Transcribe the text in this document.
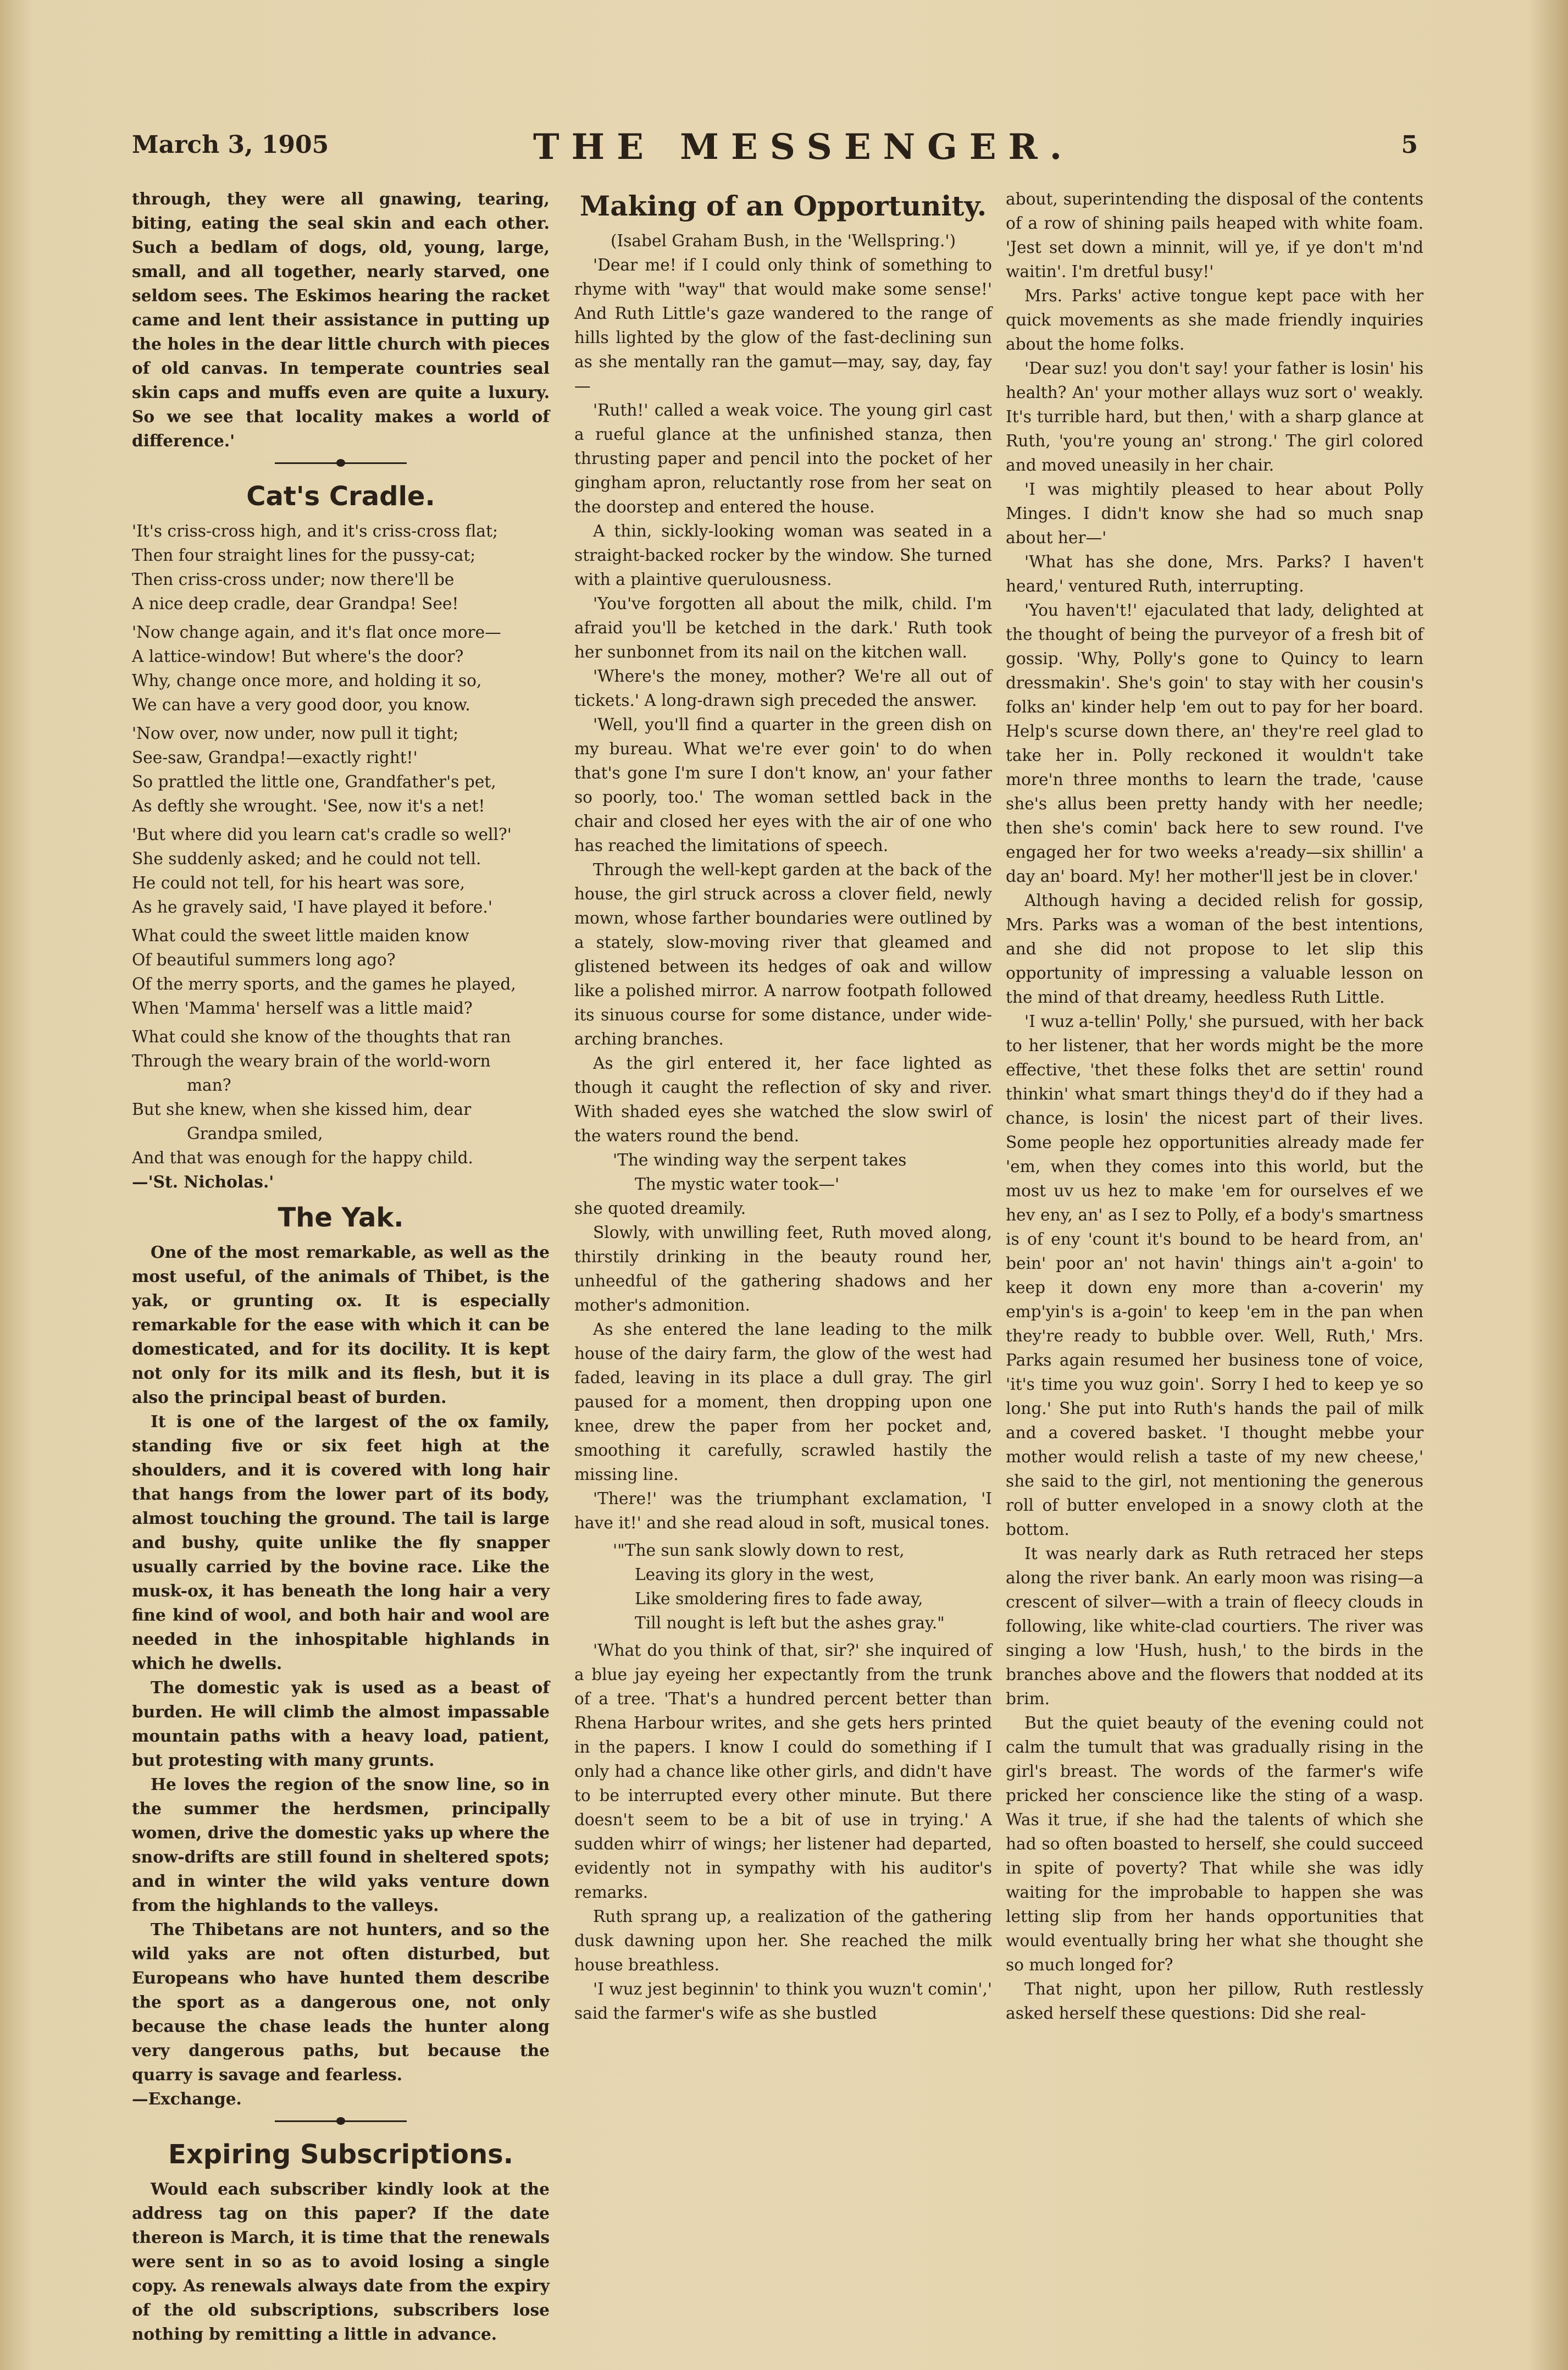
March 3, 1905	THE MESSENGER.	5

through, they were all gnawing, tearing, biting, eating the seal skin and each other. Such a bedlam of dogs, old, young, large, small, and all together, nearly starved, one seldom sees. The Eskimos hearing the racket came and lent their assistance in putting up the holes in the dear little church with pieces of old canvas. In temperate countries seal skin caps and muffs even are quite a luxury. So we see that locality makes a world of difference.'

Cat's Cradle.
'It's criss-cross high, and it's criss-cross flat;
Then four straight lines for the pussy-cat;
Then criss-cross under; now there'll be
A nice deep cradle, dear Grandpa! See!
'Now change again, and it's flat once more—
A lattice-window! But where's the door?
Why, change once more, and holding it so,
We can have a very good door, you know.
'Now over, now under, now pull it tight;
See-saw, Grandpa!—exactly right!'
So prattled the little one, Grandfather's pet,
As deftly she wrought. 'See, now it's a net!
'But where did you learn cat's cradle so well?'
She suddenly asked; and he could not tell.
He could not tell, for his heart was sore,
As he gravely said, 'I have played it before.'
What could the sweet little maiden know
Of beautiful summers long ago?
Of the merry sports, and the games he played,
When 'Mamma' herself was a little maid?
What could she know of the thoughts that ran
Through the weary brain of the world-worn
man?
But she knew, when she kissed him, dear
Grandpa smiled,
And that was enough for the happy child.
—'St. Nicholas.'
The Yak.

One of the most remarkable, as well as the most useful, of the animals of Thibet, is the yak, or grunting ox. It is especially remarkable for the ease with which it can be domesticated, and for its docility. It is kept not only for its milk and its flesh, but it is also the principal beast of burden.

It is one of the largest of the ox family, standing five or six feet high at the shoulders, and it is covered with long hair that hangs from the lower part of its body, almost touching the ground. The tail is large and bushy, quite unlike the fly snapper usually carried by the bovine race. Like the musk-ox, it has beneath the long hair a very fine kind of wool, and both hair and wool are needed in the inhospitable highlands in which he dwells.

The domestic yak is used as a beast of burden. He will climb the almost impassable mountain paths with a heavy load, patient, but protesting with many grunts.

He loves the region of the snow line, so in the summer the herdsmen, principally women, drive the domestic yaks up where the snow-drifts are still found in sheltered spots; and in winter the wild yaks venture down from the highlands to the valleys.

The Thibetans are not hunters, and so the wild yaks are not often disturbed, but Europeans who have hunted them describe the sport as a dangerous one, not only because the chase leads the hunter along very dangerous paths, but because the quarry is savage and fearless.

—Exchange.

Expiring Subscriptions.

Would each subscriber kindly look at the address tag on this paper? If the date thereon is March, it is time that the renewals were sent in so as to avoid losing a single copy. As renewals always date from the expiry of the old subscriptions, subscribers lose nothing by remitting a little in advance.

Making of an Opportunity.

(Isabel Graham Bush, in the 'Wellspring.')

'Dear me! if I could only think of something to rhyme with "way" that would make some sense!' And Ruth Little's gaze wandered to the range of hills lighted by the glow of the fast-declining sun as she mentally ran the gamut—may, say, day, fay—

'Ruth!' called a weak voice. The young girl cast a rueful glance at the unfinished stanza, then thrusting paper and pencil into the pocket of her gingham apron, reluctantly rose from her seat on the doorstep and entered the house.

A thin, sickly-looking woman was seated in a straight-backed rocker by the window. She turned with a plaintive querulousness.

'You've forgotten all about the milk, child. I'm afraid you'll be ketched in the dark.' Ruth took her sunbonnet from its nail on the kitchen wall.

'Where's the money, mother? We're all out of tickets.' A long-drawn sigh preceded the answer.

'Well, you'll find a quarter in the green dish on my bureau. What we're ever goin' to do when that's gone I'm sure I don't know, an' your father so poorly, too.' The woman settled back in the chair and closed her eyes with the air of one who has reached the limitations of speech.

Through the well-kept garden at the back of the house, the girl struck across a clover field, newly mown, whose farther boundaries were outlined by a stately, slow-moving river that gleamed and glistened between its hedges of oak and willow like a polished mirror. A narrow footpath followed its sinuous course for some distance, under wide-arching branches.

As the girl entered it, her face lighted as though it caught the reflection of sky and river. With shaded eyes she watched the slow swirl of the waters round the bend.

'The winding way the serpent takes
The mystic water took—'

she quoted dreamily.

Slowly, with unwilling feet, Ruth moved along, thirstily drinking in the beauty round her, unheedful of the gathering shadows and her mother's admonition.

As she entered the lane leading to the milk house of the dairy farm, the glow of the west had faded, leaving in its place a dull gray. The girl paused for a moment, then dropping upon one knee, drew the paper from her pocket and, smoothing it carefully, scrawled hastily the missing line.

'There!' was the triumphant exclamation, 'I have it!' and she read aloud in soft, musical tones.

'"The sun sank slowly down to rest,
Leaving its glory in the west,
Like smoldering fires to fade away,
Till nought is left but the ashes gray."

'What do you think of that, sir?' she inquired of a blue jay eyeing her expectantly from the trunk of a tree. 'That's a hundred percent better than Rhena Harbour writes, and she gets hers printed in the papers. I know I could do something if I only had a chance like other girls, and didn't have to be interrupted every other minute. But there doesn't seem to be a bit of use in trying.' A sudden whirr of wings; her listener had departed, evidently not in sympathy with his auditor's remarks.

Ruth sprang up, a realization of the gathering dusk dawning upon her. She reached the milk house breathless.

'I wuz jest beginnin' to think you wuzn't comin',' said the farmer's wife as she bustled

about, superintending the disposal of the contents of a row of shining pails heaped with white foam. 'Jest set down a minnit, will ye, if ye don't m'nd waitin'. I'm dretful busy!'

Mrs. Parks' active tongue kept pace with her quick movements as she made friendly inquiries about the home folks.

'Dear suz! you don't say! your father is losin' his health? An' your mother allays wuz sort o' weakly. It's turrible hard, but then,' with a sharp glance at Ruth, 'you're young an' strong.' The girl colored and moved uneasily in her chair.

'I was mightily pleased to hear about Polly Minges. I didn't know she had so much snap about her—'

'What has she done, Mrs. Parks? I haven't heard,' ventured Ruth, interrupting.

'You haven't!' ejaculated that lady, delighted at the thought of being the purveyor of a fresh bit of gossip. 'Why, Polly's gone to Quincy to learn dressmakin'. She's goin' to stay with her cousin's folks an' kinder help 'em out to pay for her board. Help's scurse down there, an' they're reel glad to take her in. Polly reckoned it wouldn't take more'n three months to learn the trade, 'cause she's allus been pretty handy with her needle; then she's comin' back here to sew round. I've engaged her for two weeks a'ready—six shillin' a day an' board. My! her mother'll jest be in clover.'

Although having a decided relish for gossip, Mrs. Parks was a woman of the best intentions, and she did not propose to let slip this opportunity of impressing a valuable lesson on the mind of that dreamy, heedless Ruth Little.

'I wuz a-tellin' Polly,' she pursued, with her back to her listener, that her words might be the more effective, 'thet these folks thet are settin' round thinkin' what smart things they'd do if they had a chance, is losin' the nicest part of their lives. Some people hez opportunities already made fer 'em, when they comes into this world, but the most uv us hez to make 'em for ourselves ef we hev eny, an' as I sez to Polly, ef a body's smartness is of eny 'count it's bound to be heard from, an' bein' poor an' not havin' things ain't a-goin' to keep it down eny more than a-coverin' my emp'yin's is a-goin' to keep 'em in the pan when they're ready to bubble over. Well, Ruth,' Mrs. Parks again resumed her business tone of voice, 'it's time you wuz goin'. Sorry I hed to keep ye so long.' She put into Ruth's hands the pail of milk and a covered basket. 'I thought mebbe your mother would relish a taste of my new cheese,' she said to the girl, not mentioning the generous roll of butter enveloped in a snowy cloth at the bottom.

It was nearly dark as Ruth retraced her steps along the river bank. An early moon was rising—a crescent of silver—with a train of fleecy clouds in following, like white-clad courtiers. The river was singing a low 'Hush, hush,' to the birds in the branches above and the flowers that nodded at its brim.

But the quiet beauty of the evening could not calm the tumult that was gradually rising in the girl's breast. The words of the farmer's wife pricked her conscience like the sting of a wasp. Was it true, if she had the talents of which she had so often boasted to herself, she could succeed in spite of poverty? That while she was idly waiting for the improbable to happen she was letting slip from her hands opportunities that would eventually bring her what she thought she so much longed for?

That night, upon her pillow, Ruth restlessly asked herself these questions: Did she real-
